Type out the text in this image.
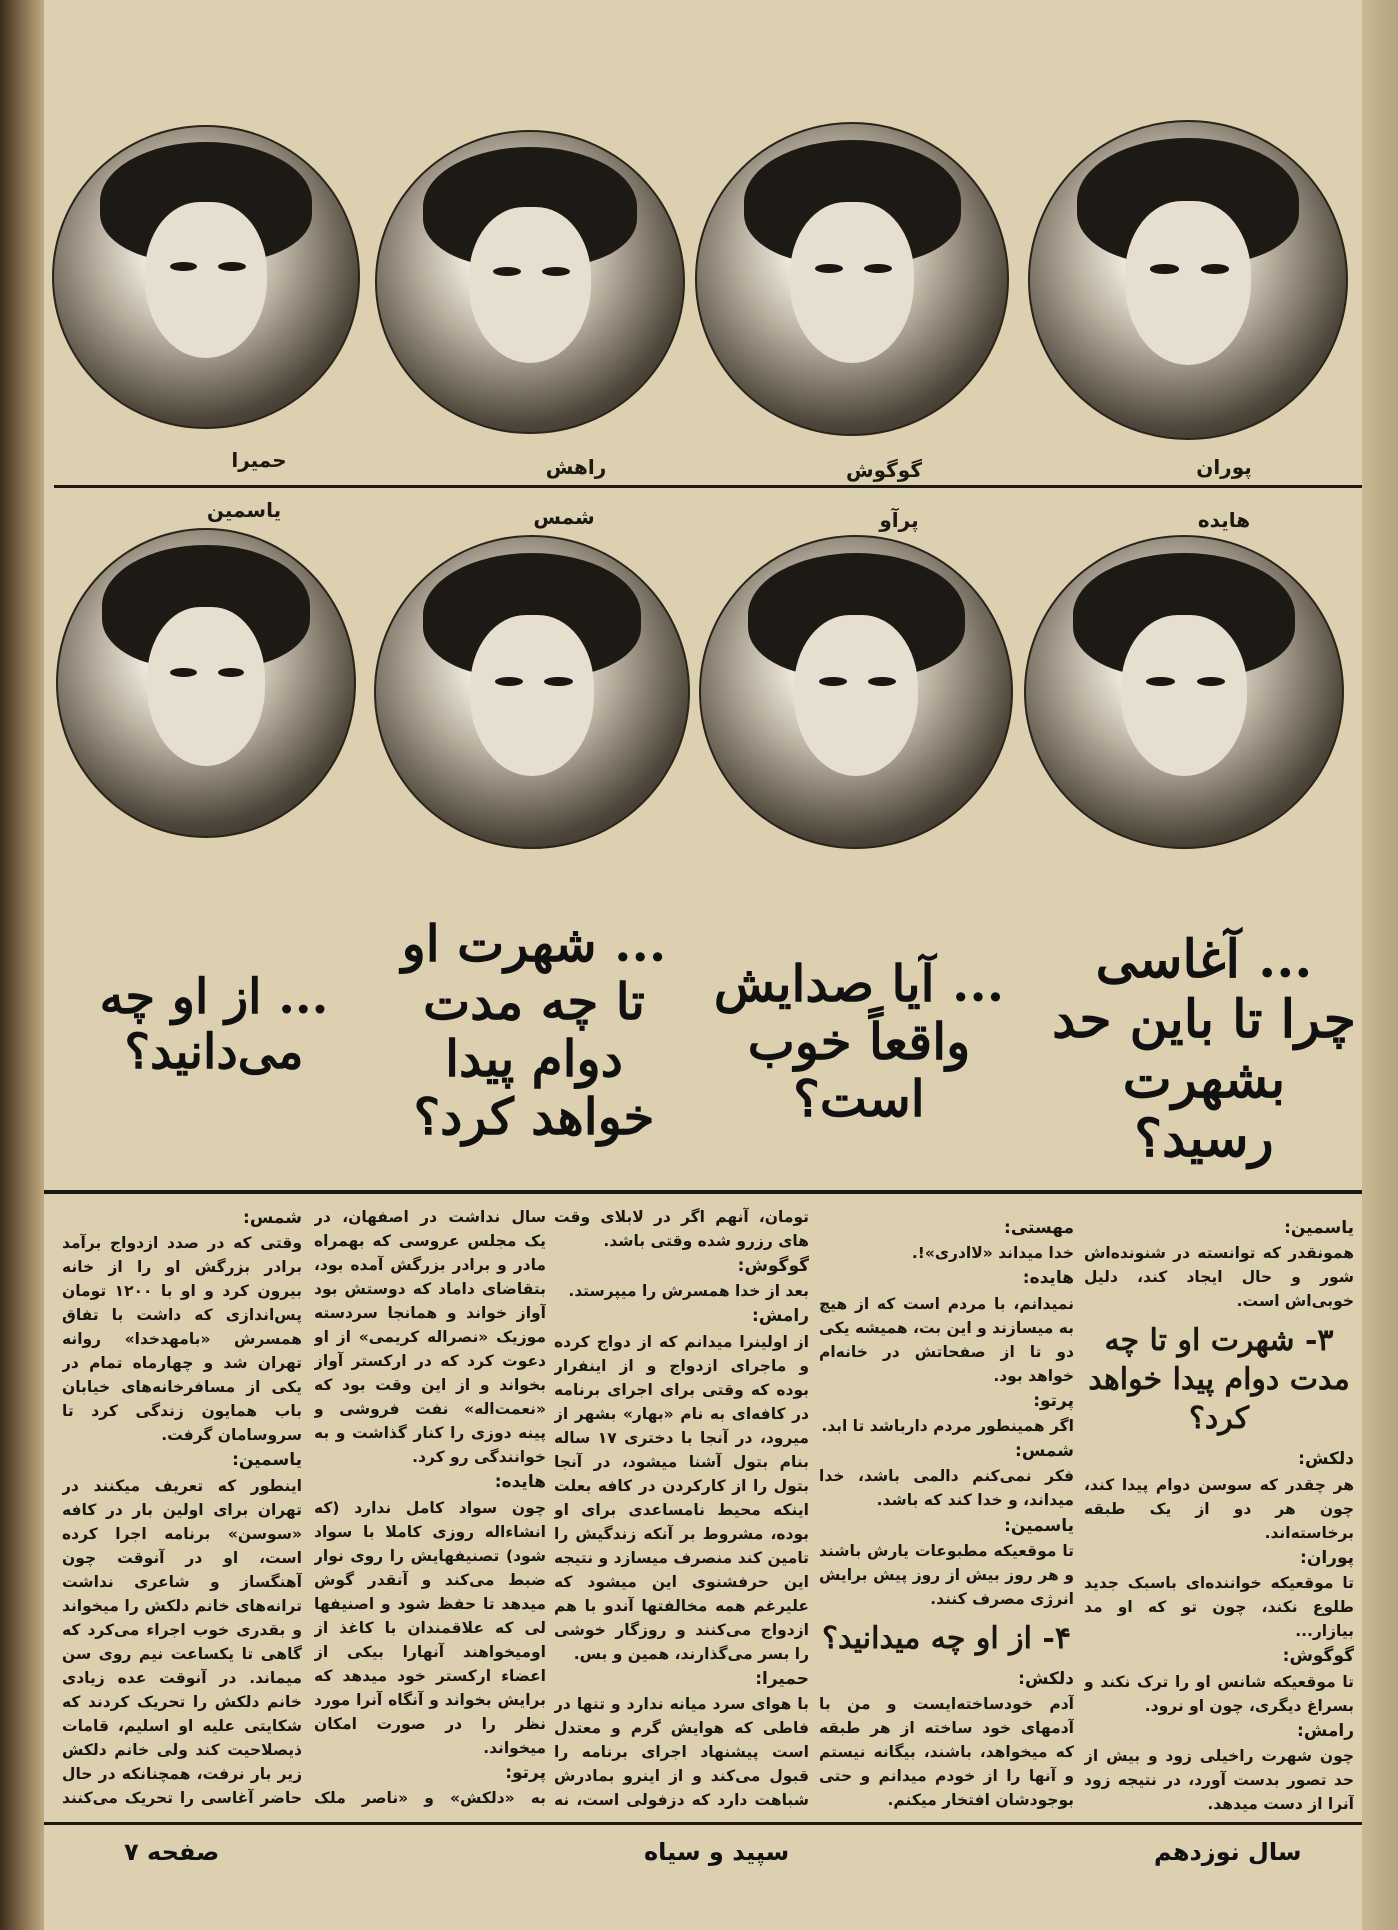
پوران
گوگوش
راهش
حمیرا
هایده
پرآو
شمس
یاسمین
... آغاسی چرا تا باین حد بشهرت رسید؟
... آیا صدایش واقعاً خوب است؟
... شهرت او تا چه مدت دوام پیدا خواهد کرد؟
... از او چه می‌دانید؟
یاسمین:
همونقدر که توانسته در شنونده‌اش شور و حال ایجاد کند، دلیل خوبی‌اش است.
۳- شهرت او تا چه مدت دوام پیدا خواهد کرد؟
دلکش:
هر چقدر که سوسن دوام پیدا کند، چون هر دو از یک طبقه برخاسته‌اند.
پوران:
تا موقعیکه خواننده‌ای باسبک جدید طلوع نکند، چون تو که او مد بیازار...
گوگوش:
تا موقعیکه شانس او را ترک نکند و بسراغ دیگری، چون او نرود.
رامش:
چون شهرت راخیلی زود و بیش از حد تصور بدست آورد، در نتیجه زود آنرا از دست میدهد.
مهستی:
خدا میداند «لاادری»!.
هایده:
نمیدانم، با مردم است که از هیچ به میسازند و این بت، همیشه یکی دو تا از صفحاتش در خانه‌ام خواهد بود.
پرتو:
اگر همینطور مردم دارباشد تا ابد.
شمس:
فکر نمی‌کنم دالمی باشد، خدا میداند، و خدا کند که باشد.
یاسمین:
تا موقعیکه مطبوعات یارش باشند و هر روز بیش از روز پیش برایش انرژی مصرف کنند.
۴- از او چه میدانید؟
دلکش:
آدم خودساخته‌ایست و من با آدمهای خود ساخته از هر طبقه که میخواهد، باشند، بیگانه نیستم و آنها را از خودم میدانم و حتی بوجودشان افتخار میکنم.
تومان، آنهم اگر در لابلای وقت های رزرو شده وقتی باشد.
گوگوش:
بعد از خدا همسرش را میپرستد.
رامش:
از اولینرا میدانم که از دواج کرده و ماجرای ازدواج و از اینفرار بوده که وقتی برای اجرای برنامه در کافه‌ای به نام «بهار» بشهر از میرود، در آنجا با دختری ۱۷ ساله بنام بتول آشنا میشود، در آنجا بتول را از کارکردن در کافه بعلت اینکه محیط نامساعدی برای او بوده، مشروط بر آنکه زندگیش را تامین کند منصرف میسازد و نتیجه این حرفشنوی این میشود که علیرغم همه مخالفتها آندو با هم ازدواج می‌کنند و روزگار خوشی را بسر می‌گذارند، همین و بس.
حمیرا:
با هوای سرد میانه ندارد و تنها در فاطی که هوایش گرم و معتدل است پیشنهاد اجرای برنامه را قبول می‌کند و از اینرو بمادرش شباهت دارد که دزفولی است، نه
سال نداشت در اصفهان، در یک مجلس عروسی که بهمراه مادر و برادر بزرگش آمده بود، بتقاضای داماد که دوستش بود آواز خواند و همانجا سردسته موزیک «نصراله کریمی» از او دعوت کرد که در ارکستر آواز بخواند و از این وقت بود که «نعمت‌اله» نفت فروشی و پینه دوزی را کنار گذاشت و به خوانندگی رو کرد.
هایده:
چون سواد کامل ندارد (که انشاءاله روزی کاملا با سواد شود) تصنیفهایش را روی نوار ضبط می‌کند و آنقدر گوش میدهد تا حفظ شود و اصنیفها لی که علاقمندان با کاغذ از اومیخواهند آنهارا بیکی از اعضاء ارکستر خود میدهد که برایش بخواند و آنگاه آنرا مورد نظر را در صورت امکان میخواند.
پرتو:
به «دلکش» و «ناصر ملک
شمس:
وقتی که در صدد ازدواج برآمد برادر بزرگش او را از خانه بیرون کرد و او با ۱۲۰۰ تومان پس‌اندازی که داشت با تفاق همسرش «بامهدخدا» روانه تهران شد و چهارماه تمام در یکی از مسافرخانه‌های خیابان باب همایون زندگی کرد تا سروسامان گرفت.
یاسمین:
اینطور که تعریف میکنند در تهران برای اولین بار در کافه «سوسن» برنامه اجرا کرده است، او در آنوقت چون آهنگساز و شاعری نداشت ترانه‌های خانم دلکش را میخواند و بقدری خوب اجراء می‌کرد که گاهی تا یکساعت نیم روی سن میماند. در آنوقت عده زیادی خانم دلکش را تحریک کردند که شکایتی علیه او اسلیم، قامات ذیصلاحیت کند ولی خانم دلکش زیر بار نرفت، همچنانکه در حال حاضر آغاسی را تحریک می‌کنند
سال نوزدهم
سپید و سیاه
صفحه ۷
